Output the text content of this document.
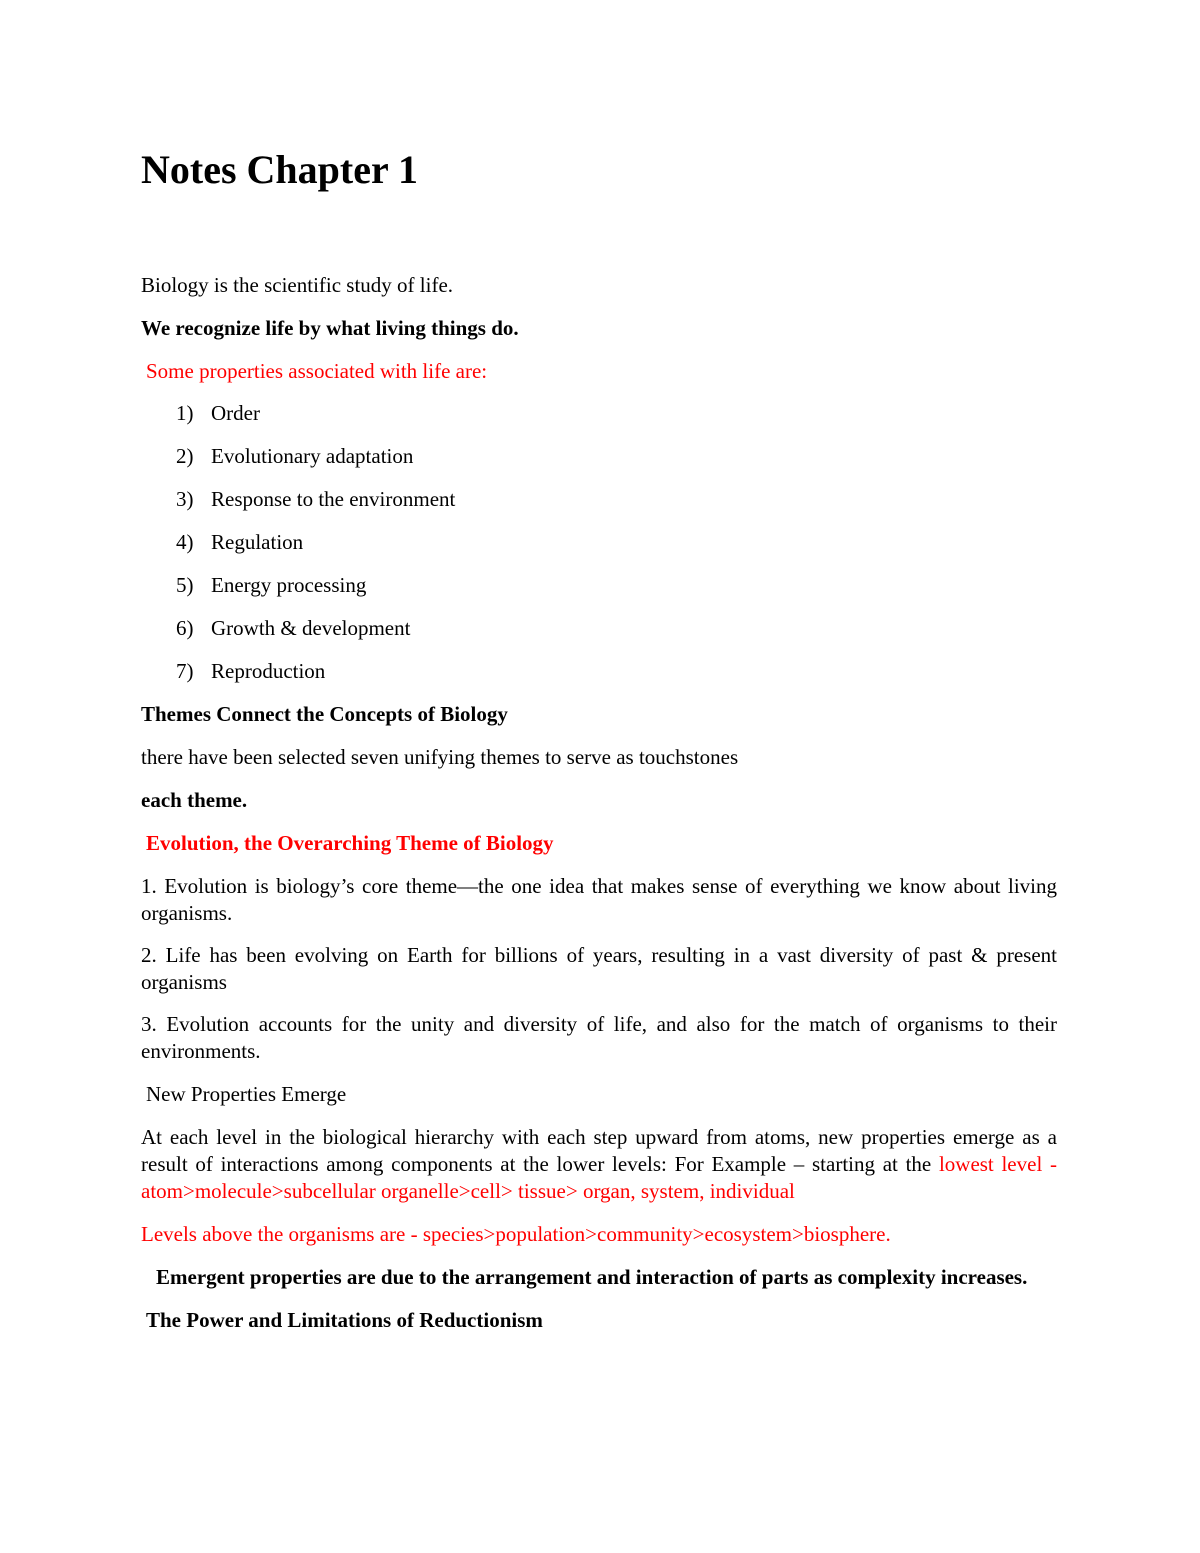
Notes Chapter 1

Biology is the scientific study of life.

We recognize life by what living things do.

Some properties associated with life are:

1) Order
2) Evolutionary adaptation
3) Response to the environment
4) Regulation
5) Energy processing
6) Growth & development
7) Reproduction

Themes Connect the Concepts of Biology

there have been selected seven unifying themes to serve as touchstones

each theme.

Evolution, the Overarching Theme of Biology

1. Evolution is biology’s core theme—the one idea that makes sense of everything we know about living organisms.

2. Life has been evolving on Earth for billions of years, resulting in a vast diversity of past & present organisms

3. Evolution accounts for the unity and diversity of life, and also for the match of organisms to their environments.

New Properties Emerge

At each level in the biological hierarchy with each step upward from atoms, new properties emerge as a result of interactions among components at the lower levels: For Example – starting at the lowest level - atom>molecule>subcellular organelle>cell> tissue> organ, system, individual

Levels above the organisms are - species>population>community>ecosystem>biosphere.

Emergent properties are due to the arrangement and interaction of parts as complexity increases.

The Power and Limitations of Reductionism
